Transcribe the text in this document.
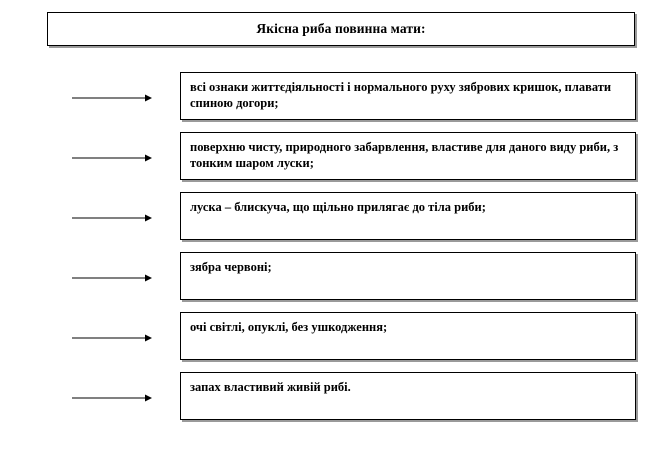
Якісна риба повинна мати:
всі ознаки життєдіяльності і нормального руху зябрових кришок, плавати спиною догори;
поверхню чисту, природного забарвлення, властиве для даного виду риби, з тонким шаром луски;
луска – блискуча, що щільно прилягає до тіла риби;
зябра червоні;
очі світлі, опуклі, без ушкодження;
запах властивий живій рибі.
